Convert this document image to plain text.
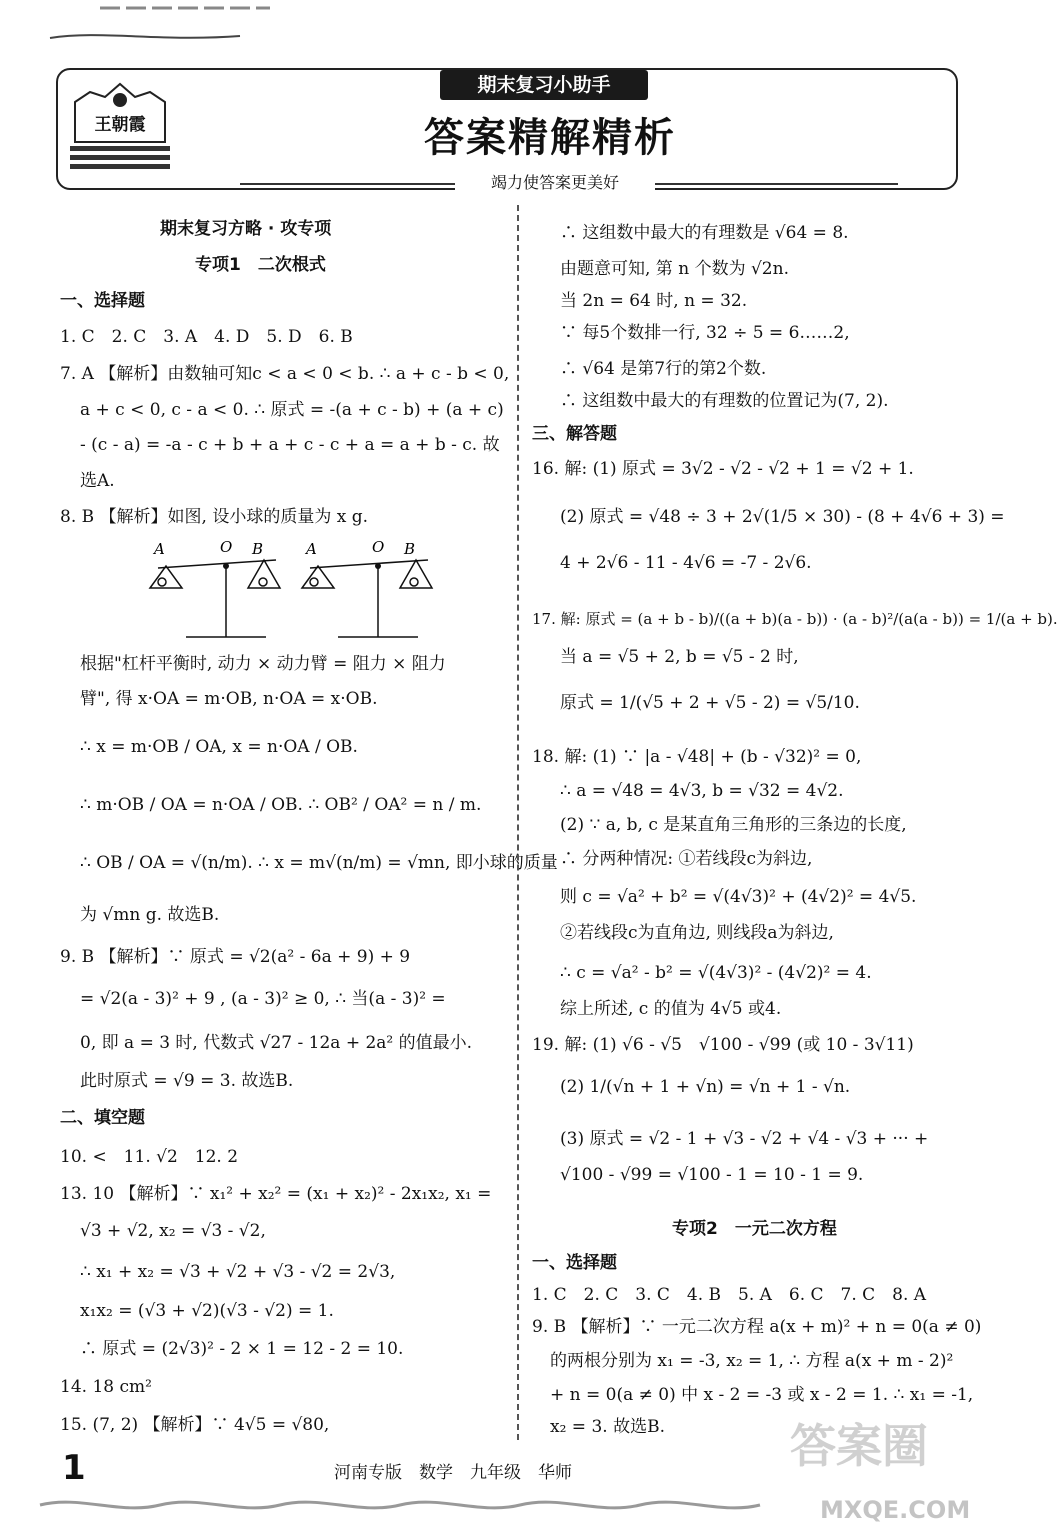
王朝霞
期末复习小助手
答案精解精析
竭力使答案更美好
期末复习方略 · 攻专项
专项1　二次根式
一、选择题
1. C　2. C　3. A　4. D　5. D　6. B
7. A 【解析】由数轴可知c < a < 0 < b. ∴ a + c - b < 0,
a + c < 0, c - a < 0. ∴ 原式 = -(a + c - b) + (a + c)
- (c - a) = -a - c + b + a + c - c + a = a + b - c. 故
选A.
8. B 【解析】如图, 设小球的质量为 x g.
A	O B	A	O B
根据"杠杆平衡时, 动力 × 动力臂 = 阻力 × 阻力
臂", 得 x·OA = m·OB, n·OA = x·OB.
∴ x = m·OB / OA, x = n·OA / OB.
∴ m·OB / OA = n·OA / OB. ∴ OB² / OA² = n / m.
∴ OB / OA = √(n/m). ∴ x = m√(n/m) = √mn, 即小球的质量
为 √mn g. 故选B.
9. B 【解析】∵ 原式 = √2(a² - 6a + 9) + 9
= √2(a - 3)² + 9 , (a - 3)² ≥ 0, ∴ 当(a - 3)² =
0, 即 a = 3 时, 代数式 √27 - 12a + 2a² 的值最小.
此时原式 = √9 = 3. 故选B.
二、填空题
10. <　11. √2　12. 2
13. 10 【解析】∵ x₁² + x₂² = (x₁ + x₂)² - 2x₁x₂, x₁ =
√3 + √2, x₂ = √3 - √2,
∴ x₁ + x₂ = √3 + √2 + √3 - √2 = 2√3,
x₁x₂ = (√3 + √2)(√3 - √2) = 1.
∴ 原式 = (2√3)² - 2 × 1 = 12 - 2 = 10.
14. 18 cm²
15. (7, 2) 【解析】∵ 4√5 = √80,
∴ 这组数中最大的有理数是 √64 = 8.
由题意可知, 第 n 个数为 √2n.
当 2n = 64 时, n = 32.
∵ 每5个数排一行, 32 ÷ 5 = 6……2,
∴ √64 是第7行的第2个数.
∴ 这组数中最大的有理数的位置记为(7, 2).
三、解答题
16. 解: (1) 原式 = 3√2 - √2 - √2 + 1 = √2 + 1.
(2) 原式 = √48 ÷ 3 + 2√(1/5 × 30) - (8 + 4√6 + 3) =
4 + 2√6 - 11 - 4√6 = -7 - 2√6.
17. 解: 原式 = (a + b - b)/((a + b)(a - b)) · (a - b)²/(a(a - b)) = 1/(a + b).
当 a = √5 + 2, b = √5 - 2 时,
原式 = 1/(√5 + 2 + √5 - 2) = √5/10.
18. 解: (1) ∵ |a - √48| + (b - √32)² = 0,
∴ a = √48 = 4√3, b = √32 = 4√2.
(2) ∵ a, b, c 是某直角三角形的三条边的长度,
∴ 分两种情况: ①若线段c为斜边,
则 c = √a² + b² = √(4√3)² + (4√2)² = 4√5.
②若线段c为直角边, 则线段a为斜边,
∴ c = √a² - b² = √(4√3)² - (4√2)² = 4.
综上所述, c 的值为 4√5 或4.
19. 解: (1) √6 - √5　√100 - √99 (或 10 - 3√11)
(2) 1/(√n + 1 + √n) = √n + 1 - √n.
(3) 原式 = √2 - 1 + √3 - √2 + √4 - √3 + ··· +
√100 - √99 = √100 - 1 = 10 - 1 = 9.
专项2　一元二次方程
一、选择题
1. C　2. C　3. C　4. B　5. A　6. C　7. C　8. A
9. B 【解析】∵ 一元二次方程 a(x + m)² + n = 0(a ≠ 0)
的两根分别为 x₁ = -3, x₂ = 1, ∴ 方程 a(x + m - 2)²
+ n = 0(a ≠ 0) 中 x - 2 = -3 或 x - 2 = 1. ∴ x₁ = -1,
x₂ = 3. 故选B.
1	河南专版　数学　九年级　华师	答案圈
MXQE.COM
